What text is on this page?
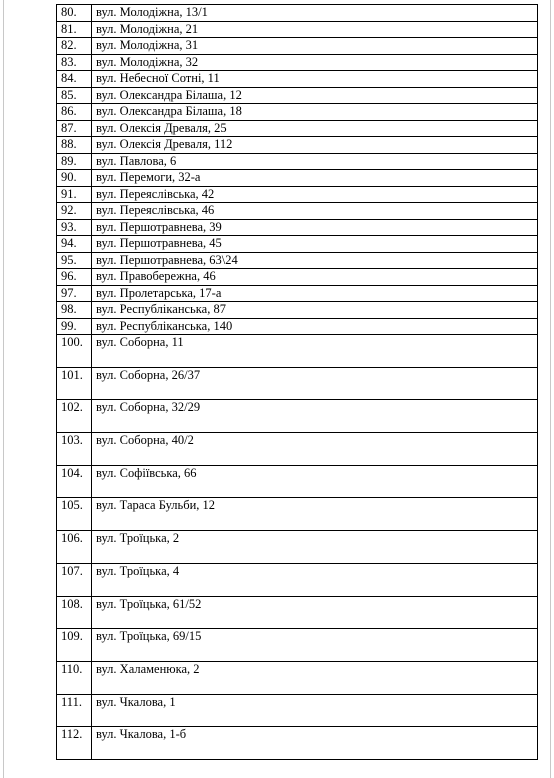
80.	вул. Молодіжна, 13/1
81.	вул. Молодіжна, 21
82.	вул. Молодіжна, 31
83.	вул. Молодіжна, 32
84.	вул. Небесної Сотні, 11
85.	вул. Олександра Білаша, 12
86.	вул. Олександра Білаша, 18
87.	вул. Олексія Древаля, 25
88.	вул. Олексія Древаля, 112
89.	вул. Павлова, 6
90.	вул. Перемоги, 32-а
91.	вул. Переяслівська, 42
92.	вул. Переяслівська, 46
93.	вул. Першотравнева, 39
94.	вул. Першотравнева, 45
95.	вул. Першотравнева, 63\24
96.	вул. Правобережна, 46
97.	вул. Пролетарська, 17-а
98.	вул. Республіканська, 87
99.	вул. Республіканська, 140
100.	вул. Соборна, 11
101.	вул. Соборна, 26/37
102.	вул. Соборна, 32/29
103.	вул. Соборна, 40/2
104.	вул. Софіївська, 66
105.	вул. Тараса Бульби, 12
106.	вул. Троїцька, 2
107.	вул. Троїцька, 4
108.	вул. Троїцька, 61/52
109.	вул. Троїцька, 69/15
110.	вул. Халаменюка, 2
111.	вул. Чкалова, 1
112.	вул. Чкалова, 1-б
